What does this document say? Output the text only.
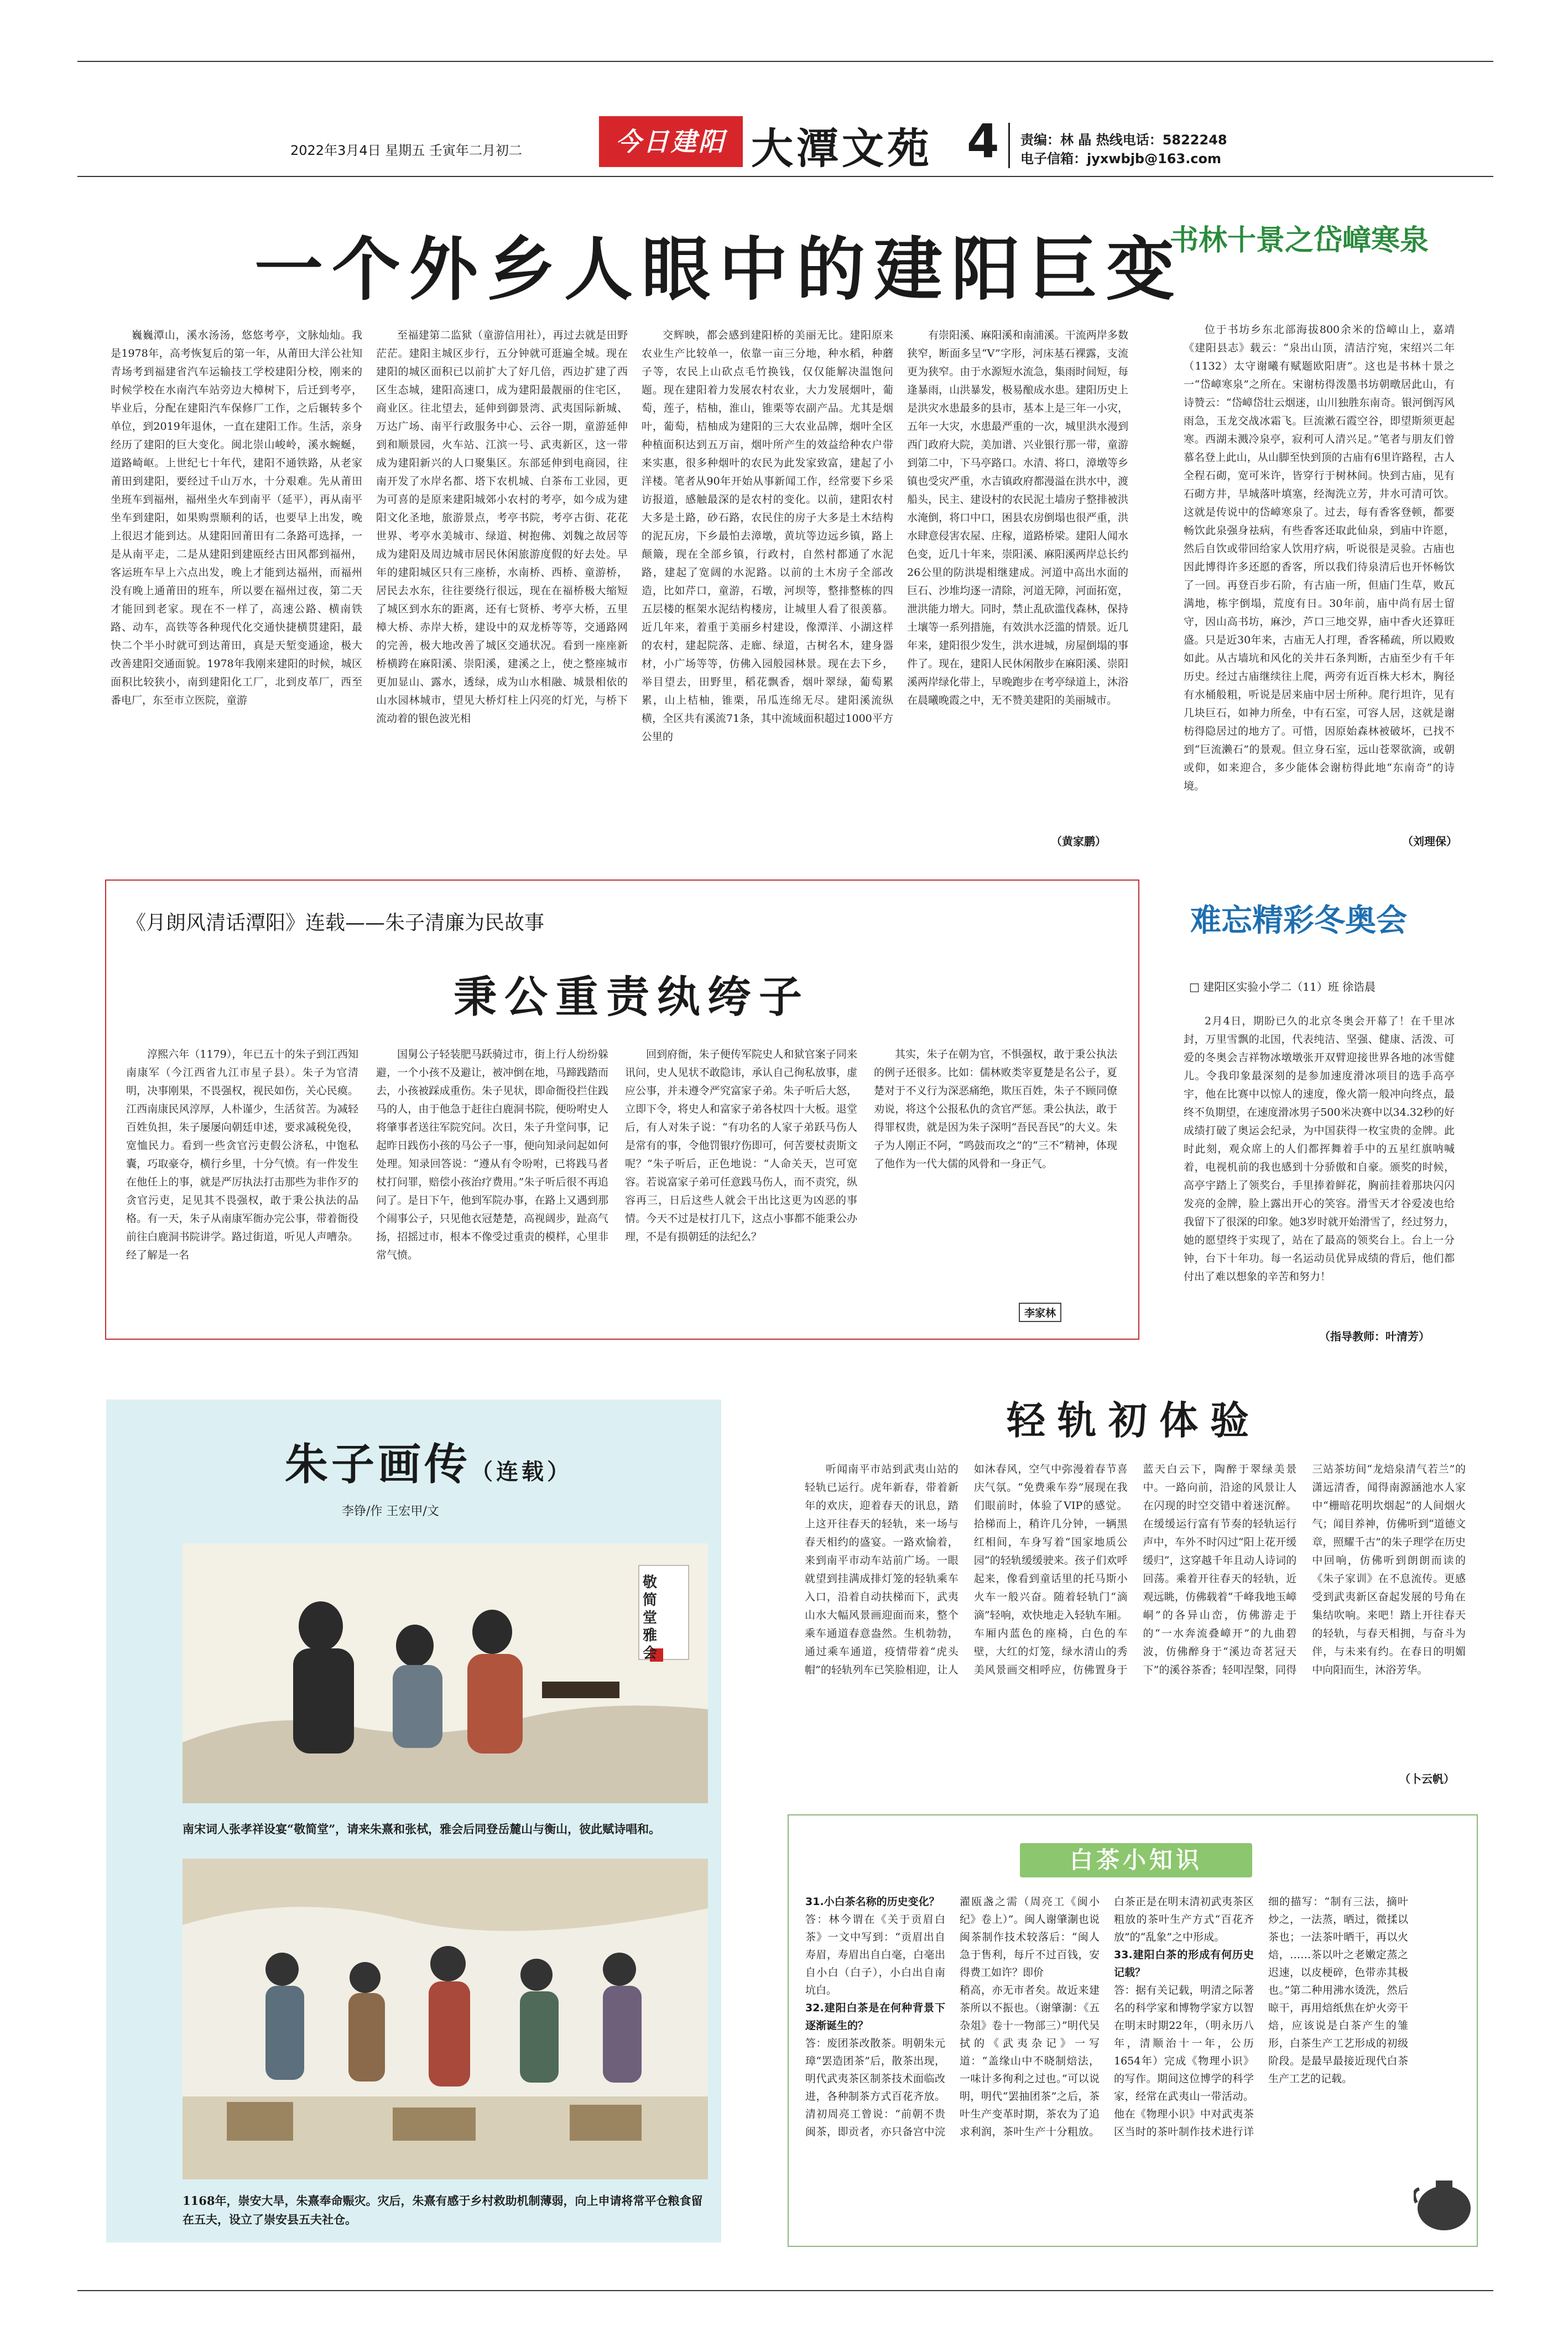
2022年3月4日 星期五 壬寅年二月初二	今日建阳 大潭文苑 4 责编：林 晶 热线电话：5822248
电子信箱：jyxwbjb@163.com
一个外乡人眼中的建阳巨变

巍巍潭山，溪水汤汤，悠悠考亭，文脉灿灿。我是1978年，高考恢复后的第一年，从莆田大洋公社知青场考到福建省汽车运输技工学校建阳分校，刚来的时候学校在水南汽车站旁边大樟树下，后迁到考亭，毕业后，分配在建阳汽车保修厂工作，之后辗转多个单位，到2019年退休，一直在建阳工作。生活，亲身经历了建阳的巨大变化。闽北崇山峻岭，溪水蜿蜒，道路崎岖。上世纪七十年代，建阳不通铁路，从老家莆田到建阳，要经过千山万水，十分艰难。先从莆田坐班车到福州，福州坐火车到南平（延平），再从南平坐车到建阳，如果购票顺利的话，也要早上出发，晚上很迟才能到达。从建阳回莆田有二条路可选择，一是从南平走，二是从建阳到建瓯经古田风都到福州，客运班车早上六点出发，晚上才能到达福州，而福州没有晚上通莆田的班车，所以要在福州过夜，第二天才能回到老家。现在不一样了，高速公路、横南铁路、动车，高铁等各种现代化交通快捷横贯建阳，最快二个半小时就可到达莆田，真是天堑变通途，极大改善建阳交通面貌。1978年我刚来建阳的时候，城区面积比较狭小，南到建阳化工厂，北到皮革厂，西至番电厂，东至市立医院，童游

至福建第二监狱（童游信用社），再过去就是田野茫茫。建阳主城区步行，五分钟就可逛遍全城。现在建阳的城区面积已以前扩大了好几倍，西边扩建了西区生态城，建阳高速口，成为建阳最靓丽的住宅区，商业区。往北望去，延伸到御景湾、武夷国际新城、万达广场、南平行政服务中心、云谷一期，童游延伸到和顺景园，火车站、江滨一号、武夷新区，这一带成为建阳新兴的人口聚集区。东部延伸到电商园，往南开发了水岸名都、塔下农机城、白茶布工业园，更为可喜的是原来建阳城郊小农村的考亭，如今成为建阳文化圣地，旅游景点，考亭书院，考亭古街、花花世界、考亭水美城市、绿道、树抱佛、刘魏之故居等成为建阳及周边城市居民休闲旅游度假的好去处。早年的建阳城区只有三座桥，水南桥、西桥、童游桥，居民去水东，往往要绕行很远，现在在福桥极大缩短了城区到水东的距离，还有七贤桥、考亭大桥，五里樟大桥、赤岸大桥，建设中的双龙桥等等，交通路网的完善，极大地改善了城区交通状况。看到一座座新桥横跨在麻阳溪、崇阳溪，建溪之上，使之整座城市更加显山、露水，透绿，成为山水相融、城景相依的山水园林城市，望见大桥灯柱上闪亮的灯光，与桥下流动着的银色波光相

交辉映，都会感到建阳桥的美丽无比。建阳原来农业生产比较单一，依靠一亩三分地，种水稻，种蘑子等，农民上山砍点毛竹换钱，仅仅能解决温饱问题。现在建阳着力发展农村农业，大力发展烟叶，葡萄，莲子，桔柚，淮山，锥栗等农副产品。尤其是烟叶，葡萄，桔柚成为建阳的三大农业品牌，烟叶全区种植面积达到五万亩，烟叶所产生的效益给种农户带来实惠，很多种烟叶的农民为此发家致富，建起了小洋楼。笔者从90年开始从事新闻工作，经常要下乡采访报道，感触最深的是农村的变化。以前，建阳农村大多是土路，砂石路，农民住的房子大多是土木结构的泥瓦房，下乡最怕去漳墩，黄坑等边远乡镇，路上颠簸，现在全部乡镇，行政村，自然村都通了水泥路，建起了宽阔的水泥路。以前的土木房子全部改造，比如芹口，童游，石墩，河坝等，整排整栋的四五层楼的框架水泥结构楼房，让城里人看了很羡慕。近几年来，着重于美丽乡村建设，像潭洋、小湖这样的农村，建起院落、走廊、绿道，古树名木，建身器材，小广场等等，仿佛入园般园林景。现在去下乡，举目望去，田野里，稻花飘香，烟叶翠绿，葡萄累累，山上桔柚，锥栗，吊瓜连绵无尽。建阳溪流纵横，全区共有溪流71条，其中流域面积超过1000平方公里的

有崇阳溪、麻阳溪和南浦溪。干流两岸多数狭窄，断面多呈“V”字形，河床基石裸露，支流更为狭窄。由于水源短水流急，集雨时间短，每逢暴雨，山洪暴发，极易酿成水患。建阳历史上是洪灾水患最多的县市，基本上是三年一小灾，五年一大灾，水患最严重的一次，城里洪水漫到西门政府大院，美加谱、兴业银行那一带，童游到第二中，下马亭路口。水清、将口，漳墩等乡镇也受灾严重，水吉镇政府都漫溢在洪水中，渡船头，民主、建设村的农民泥土墙房子整排被洪水淹倒，将口中口，困县农房倒塌也很严重，洪水肆意侵害农屋、庄稼，道路桥梁。建阳人闻水色变，近几十年来，崇阳溪、麻阳溪两岸总长约26公里的防洪堤相继建成。河道中高出水面的巨石、沙堆均逐一清除，河道无障，河面拓宽，泄洪能力增大。同时，禁止乱砍滥伐森林，保持土壤等一系列措施，有效洪水泛滥的情景。近几年来，建阳很少发生，洪水进城，房屋倒塌的事件了。现在，建阳人民休闲散步在麻阳溪、崇阳溪两岸绿化带上，早晚跑步在考亭绿道上，沐浴在晨曦晚霞之中，无不赞美建阳的美丽城市。

（黄家鹏）
书林十景之岱嶂寒泉

位于书坊乡东北部海拔800余米的岱嶂山上，嘉靖《建阳县志》载云：“泉出山顶，清洁泞宛，宋绍兴二年（1132）太守谢曦有赋题欧阳唐”。这也是书林十景之一“岱嶂寒泉”之所在。宋谢枋得泼墨书坊朝暾居此山，有诗赞云：“岱嶂岱壮云烟迷，山川独胜东南奇。银河倒泻风雨急，玉龙交战冰霜飞。巨流漱石霞空谷，即望斯须更起寒。西湖未溅冷泉亭，寂利可人清兴足。”笔者与朋友们曾慕名登上此山，从山脚至快到顶的古庙有6里许路程，古人全程石砌，宽可米许，皆穿行于树林间。快到古庙，见有石砌方井，旱城落叶填塞，经淘洗立芳，井水可清可饮。这就是传说中的岱嶂寒泉了。过去，每有香客登顿，都要畅饮此泉强身祛病，有些香客还取此仙泉，到庙中许愿，然后自饮或带回给家人饮用疗病，听说很是灵验。古庙也因此博得许多还愿的香客，所以我们待泉清后也开怀畅饮了一回。再登百步石阶，有古庙一所，但庙门生草，败瓦满地，栋宇倒塌，荒度有日。30年前，庙中尚有居士留守，因山高书坊，麻沙，芦口三地交界，庙中香火还算旺盛。只是近30年来，古庙无人打理，香客稀疏，所以殿败如此。从古墙坑和风化的关井石条判断，古庙至少有千年历史。经过古庙继续往上爬，两旁有近百株大杉木，胸径有水桶般粗，听说是居来庙中居士所种。爬行坦许，见有几块巨石，如神力所垒，中有石室，可容人居，这就是谢枋得隐居过的地方了。可惜，因原始森林被破坏，已找不到“巨流濑石”的景观。但立身石室，远山苍翠欲滴，或朝或仰，如来迎合，多少能体会谢枋得此地“东南奇”的诗境。

（刘理保）
《月朗风清话潭阳》连载——朱子清廉为民故事
秉公重责纨绔子

淳熙六年（1179），年已五十的朱子到江西知南康军（今江西省九江市星子县）。朱子为官清明，决事刚果，不畏强权，视民如伤，关心民瘼。江西南康民风淳厚，人朴谨少，生活贫苦。为减轻百姓负担，朱子屡屡向朝廷申述，要求减税免役，宽恤民力。看到一些贪官污吏假公济私，中饱私囊，巧取豪夺，横行乡里，十分气愤。有一件发生在他任上的事，就是严厉执法打击那些为非作歹的贪官污吏，足见其不畏强权，敢于秉公执法的品格。有一天，朱子从南康军衙办完公事，带着衙役前往白鹿洞书院讲学。路过街道，听见人声嘈杂。经了解是一名

国舅公子轻装肥马跃骑过市，街上行人纷纷躲避，一个小孩不及避让，被冲倒在地，马蹄践踏而去，小孩被踩成重伤。朱子见状，即命衙役拦住践马的人，由于他急于赶往白鹿洞书院，便吩咐史人将肇事者送往军院究问。次日，朱子升堂问事，记起昨日践伤小孩的马公子一事，便向知录问起如何处理。知录回答说：“遵从有令吩咐，已将践马者杖打问罪，赔偿小孩治疗费用。”朱子听后很不再追问了。是日下午，他到军院办事，在路上又遇到那个闹事公子，只见他衣冠楚楚，高视阔步，趾高气扬，招摇过市，根本不像受过重责的模样，心里非常气愤。

回到府衙，朱子便传军院史人和狱官案子同来讯问，史人见状不敢隐讳，承认自己徇私放事，虚应公事，并未遵令严究富家子弟。朱子听后大怒，立即下令，将史人和富家子弟各杖四十大板。退堂后，有人对朱子说：“有功名的人家子弟跃马伤人是常有的事，令他罚银疗伤即可，何苦要杖责斯文呢？”朱子听后，正色地说：“人命关天，岂可宽容。若说富家子弟可任意践马伤人，而不责究，纵容再三，日后这些人就会干出比这更为凶恶的事情。今天不过是杖打几下，这点小事都不能秉公办理，不是有损朝廷的法纪么？

其实，朱子在朝为官，不惧强权，敢于秉公执法的例子还很多。比如：儒林败类宰夏楚是名公子，夏楚对于不义行为深恶痛绝，欺压百姓，朱子不顾同僚劝说，将这个公报私仇的贪官严惩。秉公执法，敢于得罪权贵，就是因为朱子深明“吾民吾民”的大义。朱子为人刚正不阿，“鸣鼓而攻之”的“三不”精神，体现了他作为一代大儒的风骨和一身正气。

李家林
难忘精彩冬奥会
□ 建阳区实验小学二（11）班 徐诰晨

2月4日，期盼已久的北京冬奥会开幕了！在千里冰封，万里雪飘的北国，代表纯洁、坚强、健康、活泼、可爱的冬奥会吉祥物冰墩墩张开双臂迎接世界各地的冰雪健儿。令我印象最深刻的是参加速度滑冰项目的选手高亭宇，他在比赛中以惊人的速度，像火箭一般冲向终点，最终不负期望，在速度滑冰男子500米决赛中以34.32秒的好成绩打破了奥运会纪录，为中国获得一枚宝贵的金牌。此时此刻，观众席上的人们都挥舞着手中的五星红旗呐喊着，电视机前的我也感到十分骄傲和自豪。颁奖的时候，高亭宇踏上了领奖台，手里捧着鲜花，胸前挂着那块闪闪发亮的金牌，脸上露出开心的笑容。滑雪天才谷爱凌也给我留下了很深的印象。她3岁时就开始滑雪了，经过努力，她的愿望终于实现了，站在了最高的领奖台上。台上一分钟，台下十年功。每一名运动员优异成绩的背后，他们都付出了难以想象的辛苦和努力！

（指导教师：叶清芳）
朱子画传（连载）
李铮/作 王宏甲/文
敬简堂雅会
南宋词人张孝祥设宴“敬简堂”，请来朱熹和张栻，雅会后同登岳麓山与衡山，彼此赋诗唱和。
1168年，崇安大旱，朱熹奉命赈灾。灾后，朱熹有感于乡村救助机制薄弱，向上申请将常平仓粮食留在五夫，设立了崇安县五夫社仓。
轻轨初体验

听闻南平市站到武夷山站的轻轨已运行。虎年新春，带着新年的欢庆，迎着春天的讯息，踏上这开往春天的轻轨，来一场与春天相约的盛宴。一路欢愉着，来到南平市动车站前广场。一眼就望到挂满成排灯笼的轻轨乘车入口，沿着自动扶梯而下，武夷山水大幅风景画迎面而来，整个乘车通道春意盎然。生机勃勃，通过乘车通道，疫情带着“虎头帽”的轻轨列车已笑脸相迎，让人如沐春风，空气中弥漫着春节喜庆气氛。“免费乘车券”展现在我们眼前时，体验了VIP的感觉。拾梯而上，稍许几分钟，一辆黑红相间，车身写着“国家地质公园”的轻轨缓缓驶来。孩子们欢呼起来，像看到童话里的托马斯小火车一般兴奋。随着轻轨门“滴滴”轻响，欢快地走入轻轨车厢。车厢内蓝色的座椅，白色的车壁，大红的灯笼，绿水清山的秀美风景画交相呼应，仿佛置身于蓝天白云下，陶醉于翠绿美景中。一路向前，沿途的风景让人在闪现的时空交错中着迷沉醉。在缓缓运行富有节奏的轻轨运行声中，车外不时闪过“阳上花开缓缓归”，这穿越千年且动人诗词的回荡。乘着开往春天的轻轨，近观远眺，仿佛载着“千峰我地玉嶂峒”的各异山峦，仿佛游走于的“一水奔流叠嶂开”的九曲碧波，仿佛醉身于“溪边奇茗冠天下”的溪谷茶香；轻叩涅槃，同得三站茶坊间“龙焙泉清气若兰”的潇远清香，闻得南源涵池水人家中“栅暗花明坎烟起”的人间烟火气；闻目养神，仿佛听到“道德文章，照耀千古”的朱子理学在历史中回响，仿佛听到朗朗而读的《朱子家训》在不息流传。更感受到武夷新区奋起发展的号角在集结吹响。来吧！踏上开往春天的轻轨，与春天相拥，与奋斗为伴，与未来有约。在春日的明媚中向阳而生，沐浴芳华。

（卜云帆）
白茶小知识
31.小白茶名称的历史变化？
答：林今谓在《关于贡眉白茶》一文中写到：“贡眉出自寿眉，寿眉出自白毫，白毫出自小白（白子），小白出自南坑白。
32.建阳白茶是在何种背景下逐渐诞生的？
答：废团茶改散茶。明朝朱元璋“罢造团茶”后，散茶出现，明代武夷茶区制茶技术面临改进，各种制茶方式百花齐放。清初周亮工曾说：“前朝不贵闽茶，即贡者，亦只备宫中浣濯瓯盏之需（周亮工《闽小纪》卷上）”。闽人谢肇淛也说闽茶制作技术较落后：“闽人急于售利，每斤不过百钱，安得费工如许？即价
稍高，亦无市者矣。故近来建茶所以不振也。（谢肇淛：《五杂俎》卷十一物部三）”明代吴拭的《武夷杂记》一写道：“盖缘山中不晓制焙法，一味计多徇利之过也。”可以说明，明代“罢抽团茶”之后，茶叶生产变革时期，茶农为了追求利润，茶叶生产十分粗放。白茶正是在明末清初武夷茶区粗放的茶叶生产方式“百花齐放”的“乱象”之中形成。
33.建阳白茶的形成有何历史记载？
答：据有关记载，明清之际著名的科学家和博物学家方以智在明末时期22年，（明永历八年，清顺治十一年，公历1654年）完成《物理小识》的写作。期间这位博学的科学家，经常在武夷山一带活动。他在《物理小识》中对武夷茶区当时的茶叶制作技术进行详细的描写：“制有三法，摘叶炒之，一法蒸，晒过，微揉以茶也；一法茶叶晒干，再以火焙，……茶以叶之老嫩定蒸之迟速，以皮梗碎，色带赤其极也。”第二种用沸水烫洗，然后晾干，再用焙纸焦在炉火旁干焙，应该说是白茶产生的雏形，白茶生产工艺形成的初级阶段。是最早最接近现代白茶生产工艺的记载。
